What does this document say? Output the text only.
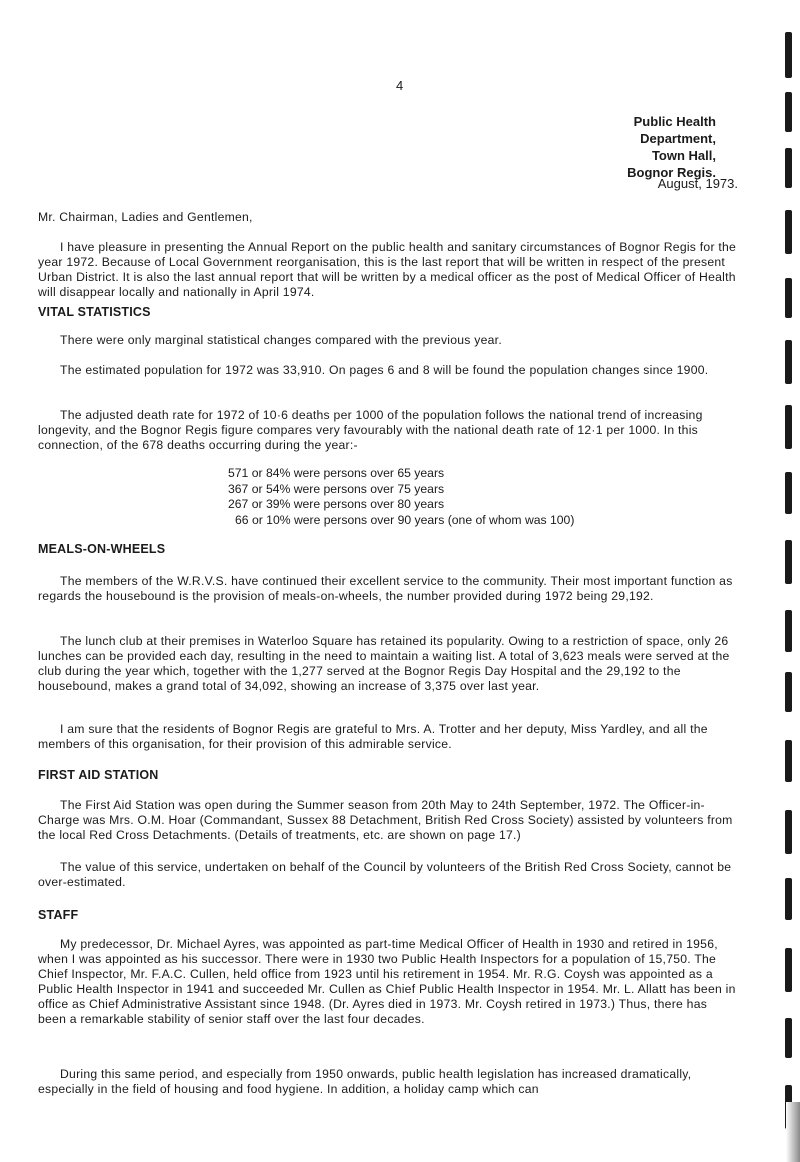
4
Public Health Department,
Town Hall,
Bognor Regis.
August, 1973.

Mr. Chairman, Ladies and Gentlemen,

I have pleasure in presenting the Annual Report on the public health and sanitary circumstances of Bognor Regis for the year 1972. Because of Local Government reorganisation, this is the last report that will be written in respect of the present Urban District. It is also the last annual report that will be written by a medical officer as the post of Medical Officer of Health will disappear locally and nationally in April 1974.

VITAL STATISTICS

There were only marginal statistical changes compared with the previous year.

The estimated population for 1972 was 33,910. On pages 6 and 8 will be found the population changes since 1900.

The adjusted death rate for 1972 of 10·6 deaths per 1000 of the population follows the national trend of increasing longevity, and the Bognor Regis figure compares very favourably with the national death rate of 12·1 per 1000. In this connection, of the 678 deaths occurring during the year:-

571 or 84% were persons over 65 years
367 or 54% were persons over 75 years
267 or 39% were persons over 80 years
66 or 10% were persons over 90 years (one of whom was 100)
MEALS-ON-WHEELS

The members of the W.R.V.S. have continued their excellent service to the community. Their most important function as regards the housebound is the provision of meals-on-wheels, the number provided during 1972 being 29,192.

The lunch club at their premises in Waterloo Square has retained its popularity. Owing to a restriction of space, only 26 lunches can be provided each day, resulting in the need to maintain a waiting list. A total of 3,623 meals were served at the club during the year which, together with the 1,277 served at the Bognor Regis Day Hospital and the 29,192 to the housebound, makes a grand total of 34,092, showing an increase of 3,375 over last year.

I am sure that the residents of Bognor Regis are grateful to Mrs. A. Trotter and her deputy, Miss Yardley, and all the members of this organisation, for their provision of this admirable service.

FIRST AID STATION

The First Aid Station was open during the Summer season from 20th May to 24th September, 1972. The Officer-in-Charge was Mrs. O.M. Hoar (Commandant, Sussex 88 Detachment, British Red Cross Society) assisted by volunteers from the local Red Cross Detachments. (Details of treatments, etc. are shown on page 17.)

The value of this service, undertaken on behalf of the Council by volunteers of the British Red Cross Society, cannot be over-estimated.

STAFF

My predecessor, Dr. Michael Ayres, was appointed as part-time Medical Officer of Health in 1930 and retired in 1956, when I was appointed as his successor. There were in 1930 two Public Health Inspectors for a population of 15,750. The Chief Inspector, Mr. F.A.C. Cullen, held office from 1923 until his retirement in 1954. Mr. R.G. Coysh was appointed as a Public Health Inspector in 1941 and succeeded Mr. Cullen as Chief Public Health Inspector in 1954. Mr. L. Allatt has been in office as Chief Administrative Assistant since 1948. (Dr. Ayres died in 1973. Mr. Coysh retired in 1973.) Thus, there has been a remarkable stability of senior staff over the last four decades.

During this same period, and especially from 1950 onwards, public health legislation has increased dramatically, especially in the field of housing and food hygiene. In addition, a holiday camp which can
